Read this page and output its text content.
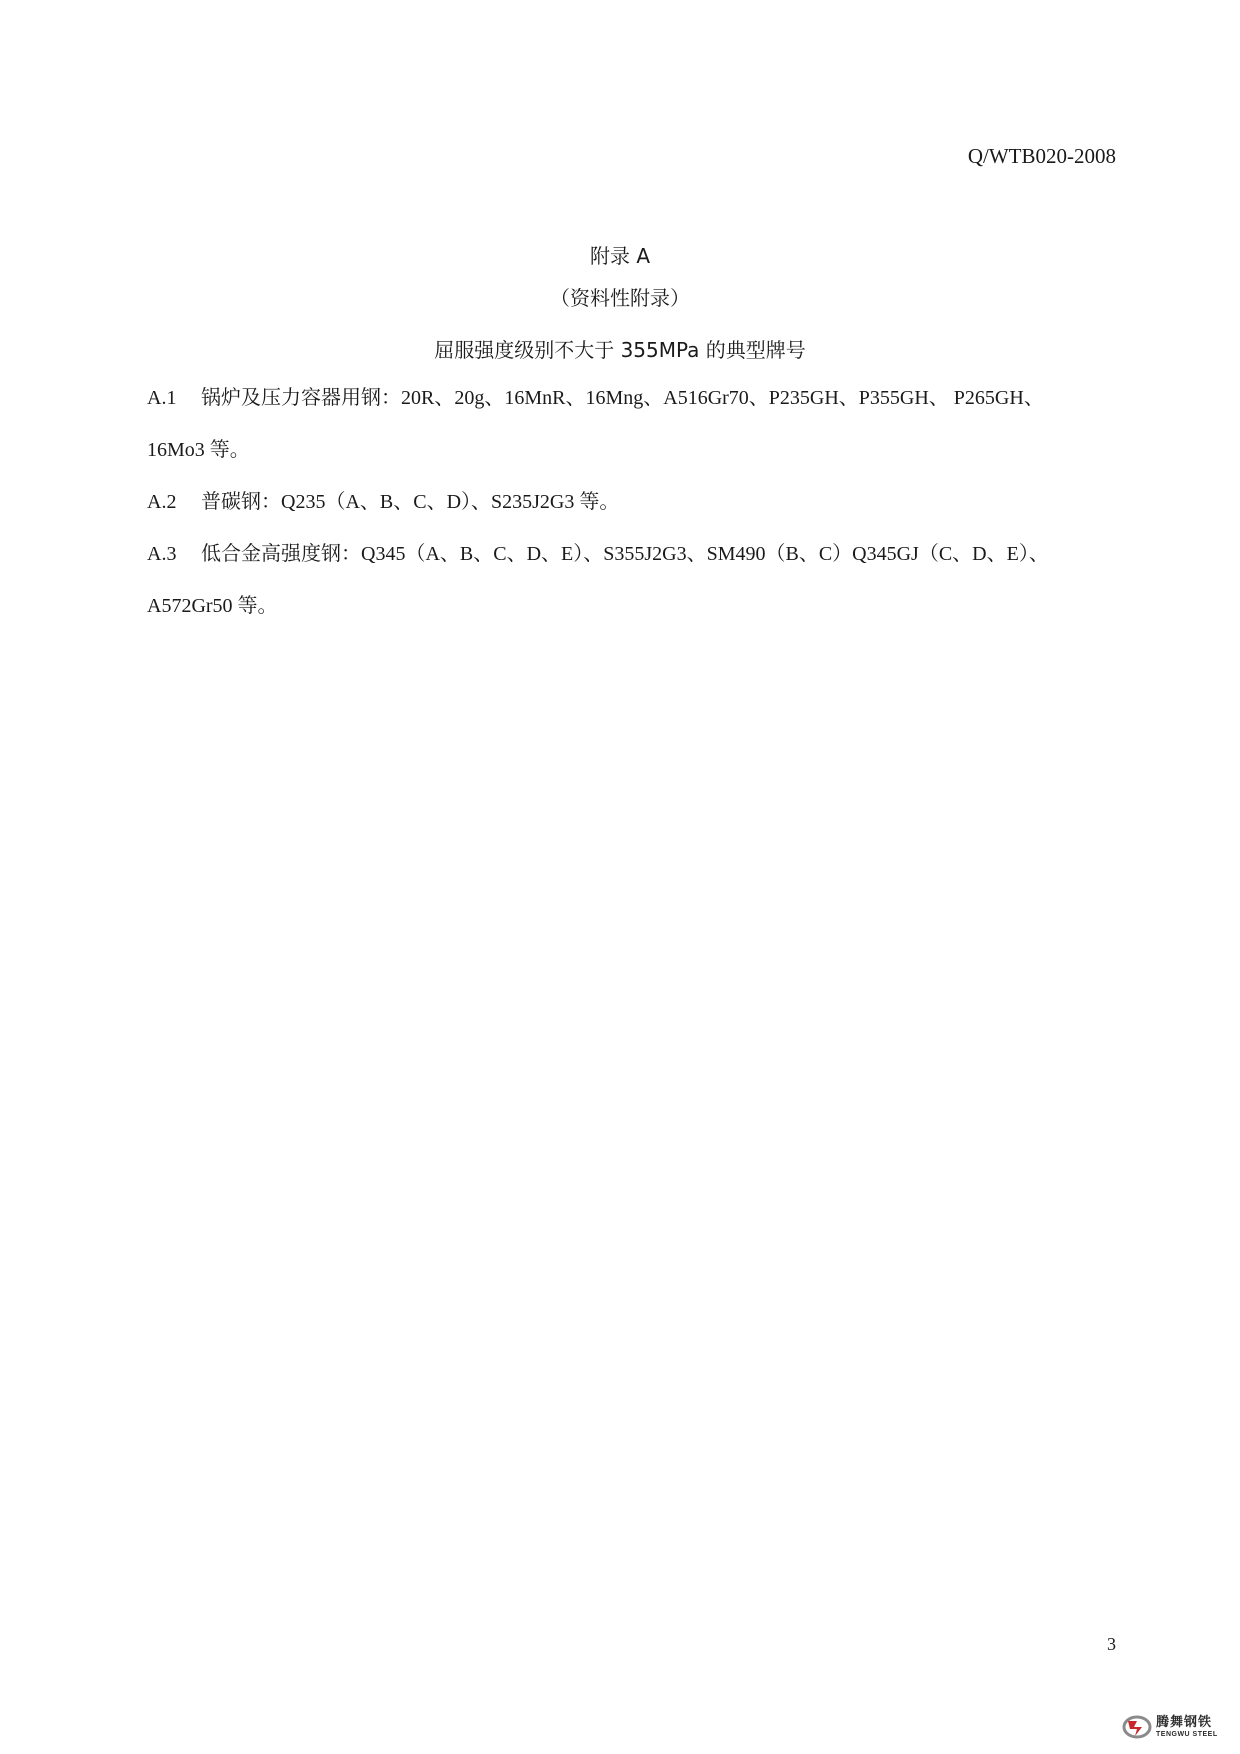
Q/WTB020-2008
附录 A
（资料性附录）
屈服强度级别不大于 355MPa 的典型牌号
A.1 锅炉及压力容器用钢：20R、20g、16MnR、16Mng、A516Gr70、P235GH、P355GH、 P265GH、
16Mo3 等。
A.2 普碳钢：Q235（A、B、C、D）、S235J2G3 等。
A.3 低合金高强度钢：Q345（A、B、C、D、E）、S355J2G3、SM490（B、C）Q345GJ（C、D、E）、
A572Gr50 等。
3
腾舞钢铁
TENGWU STEEL
